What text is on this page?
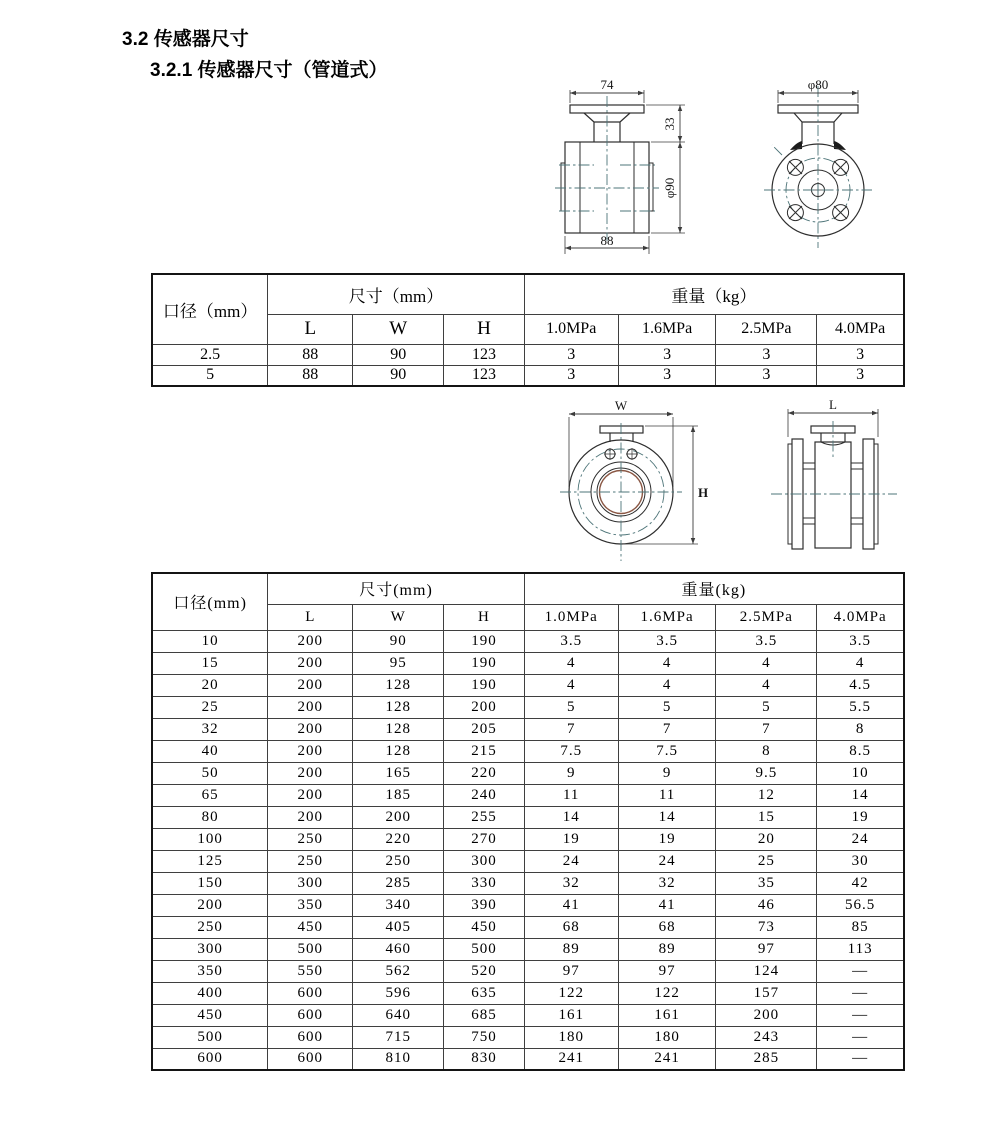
3.2 传感器尺寸
3.2.1 传感器尺寸（管道式）
74
88
33
φ90
φ80
口径（mm）	尺寸（mm）			重量（kg）			
	L	W	H	1.0MPa	1.6MPa	2.5MPa	4.0MPa
2.5	88	90	123	3	3	3	3
5	88	90	123	3	3	3	3
W
H
L
口径(mm)	尺寸(mm)			重量(kg)			
	L	W	H	1.0MPa	1.6MPa	2.5MPa	4.0MPa
10	200	90	190	3.5	3.5	3.5	3.5
15	200	95	190	4	4	4	4
20	200	128	190	4	4	4	4.5
25	200	128	200	5	5	5	5.5
32	200	128	205	7	7	7	8
40	200	128	215	7.5	7.5	8	8.5
50	200	165	220	9	9	9.5	10
65	200	185	240	11	11	12	14
80	200	200	255	14	14	15	19
100	250	220	270	19	19	20	24
125	250	250	300	24	24	25	30
150	300	285	330	32	32	35	42
200	350	340	390	41	41	46	56.5
250	450	405	450	68	68	73	85
300	500	460	500	89	89	97	113
350	550	562	520	97	97	124	—
400	600	596	635	122	122	157	—
450	600	640	685	161	161	200	—
500	600	715	750	180	180	243	—
600	600	810	830	241	241	285	—
